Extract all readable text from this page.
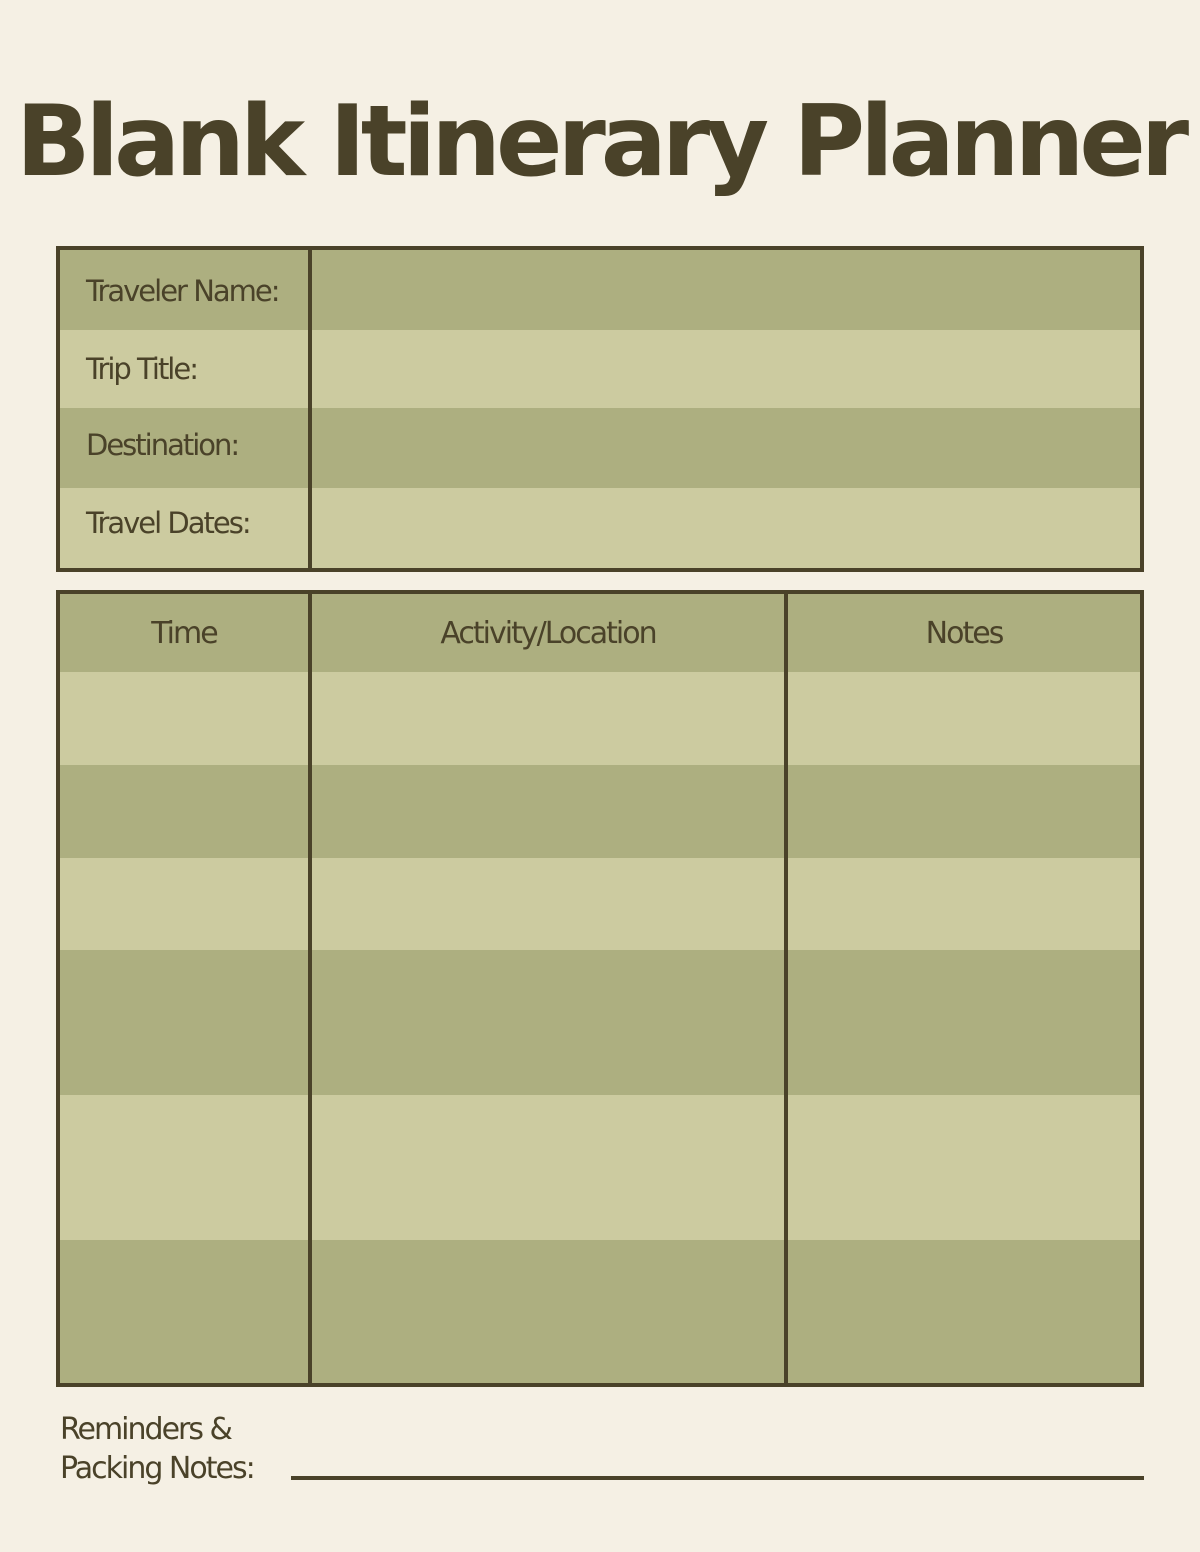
Blank Itinerary Planner
Traveler Name:
Trip Title:
Destination:
Travel Dates:
Time	Activity/Location	Notes
Reminders &
Packing Notes:
